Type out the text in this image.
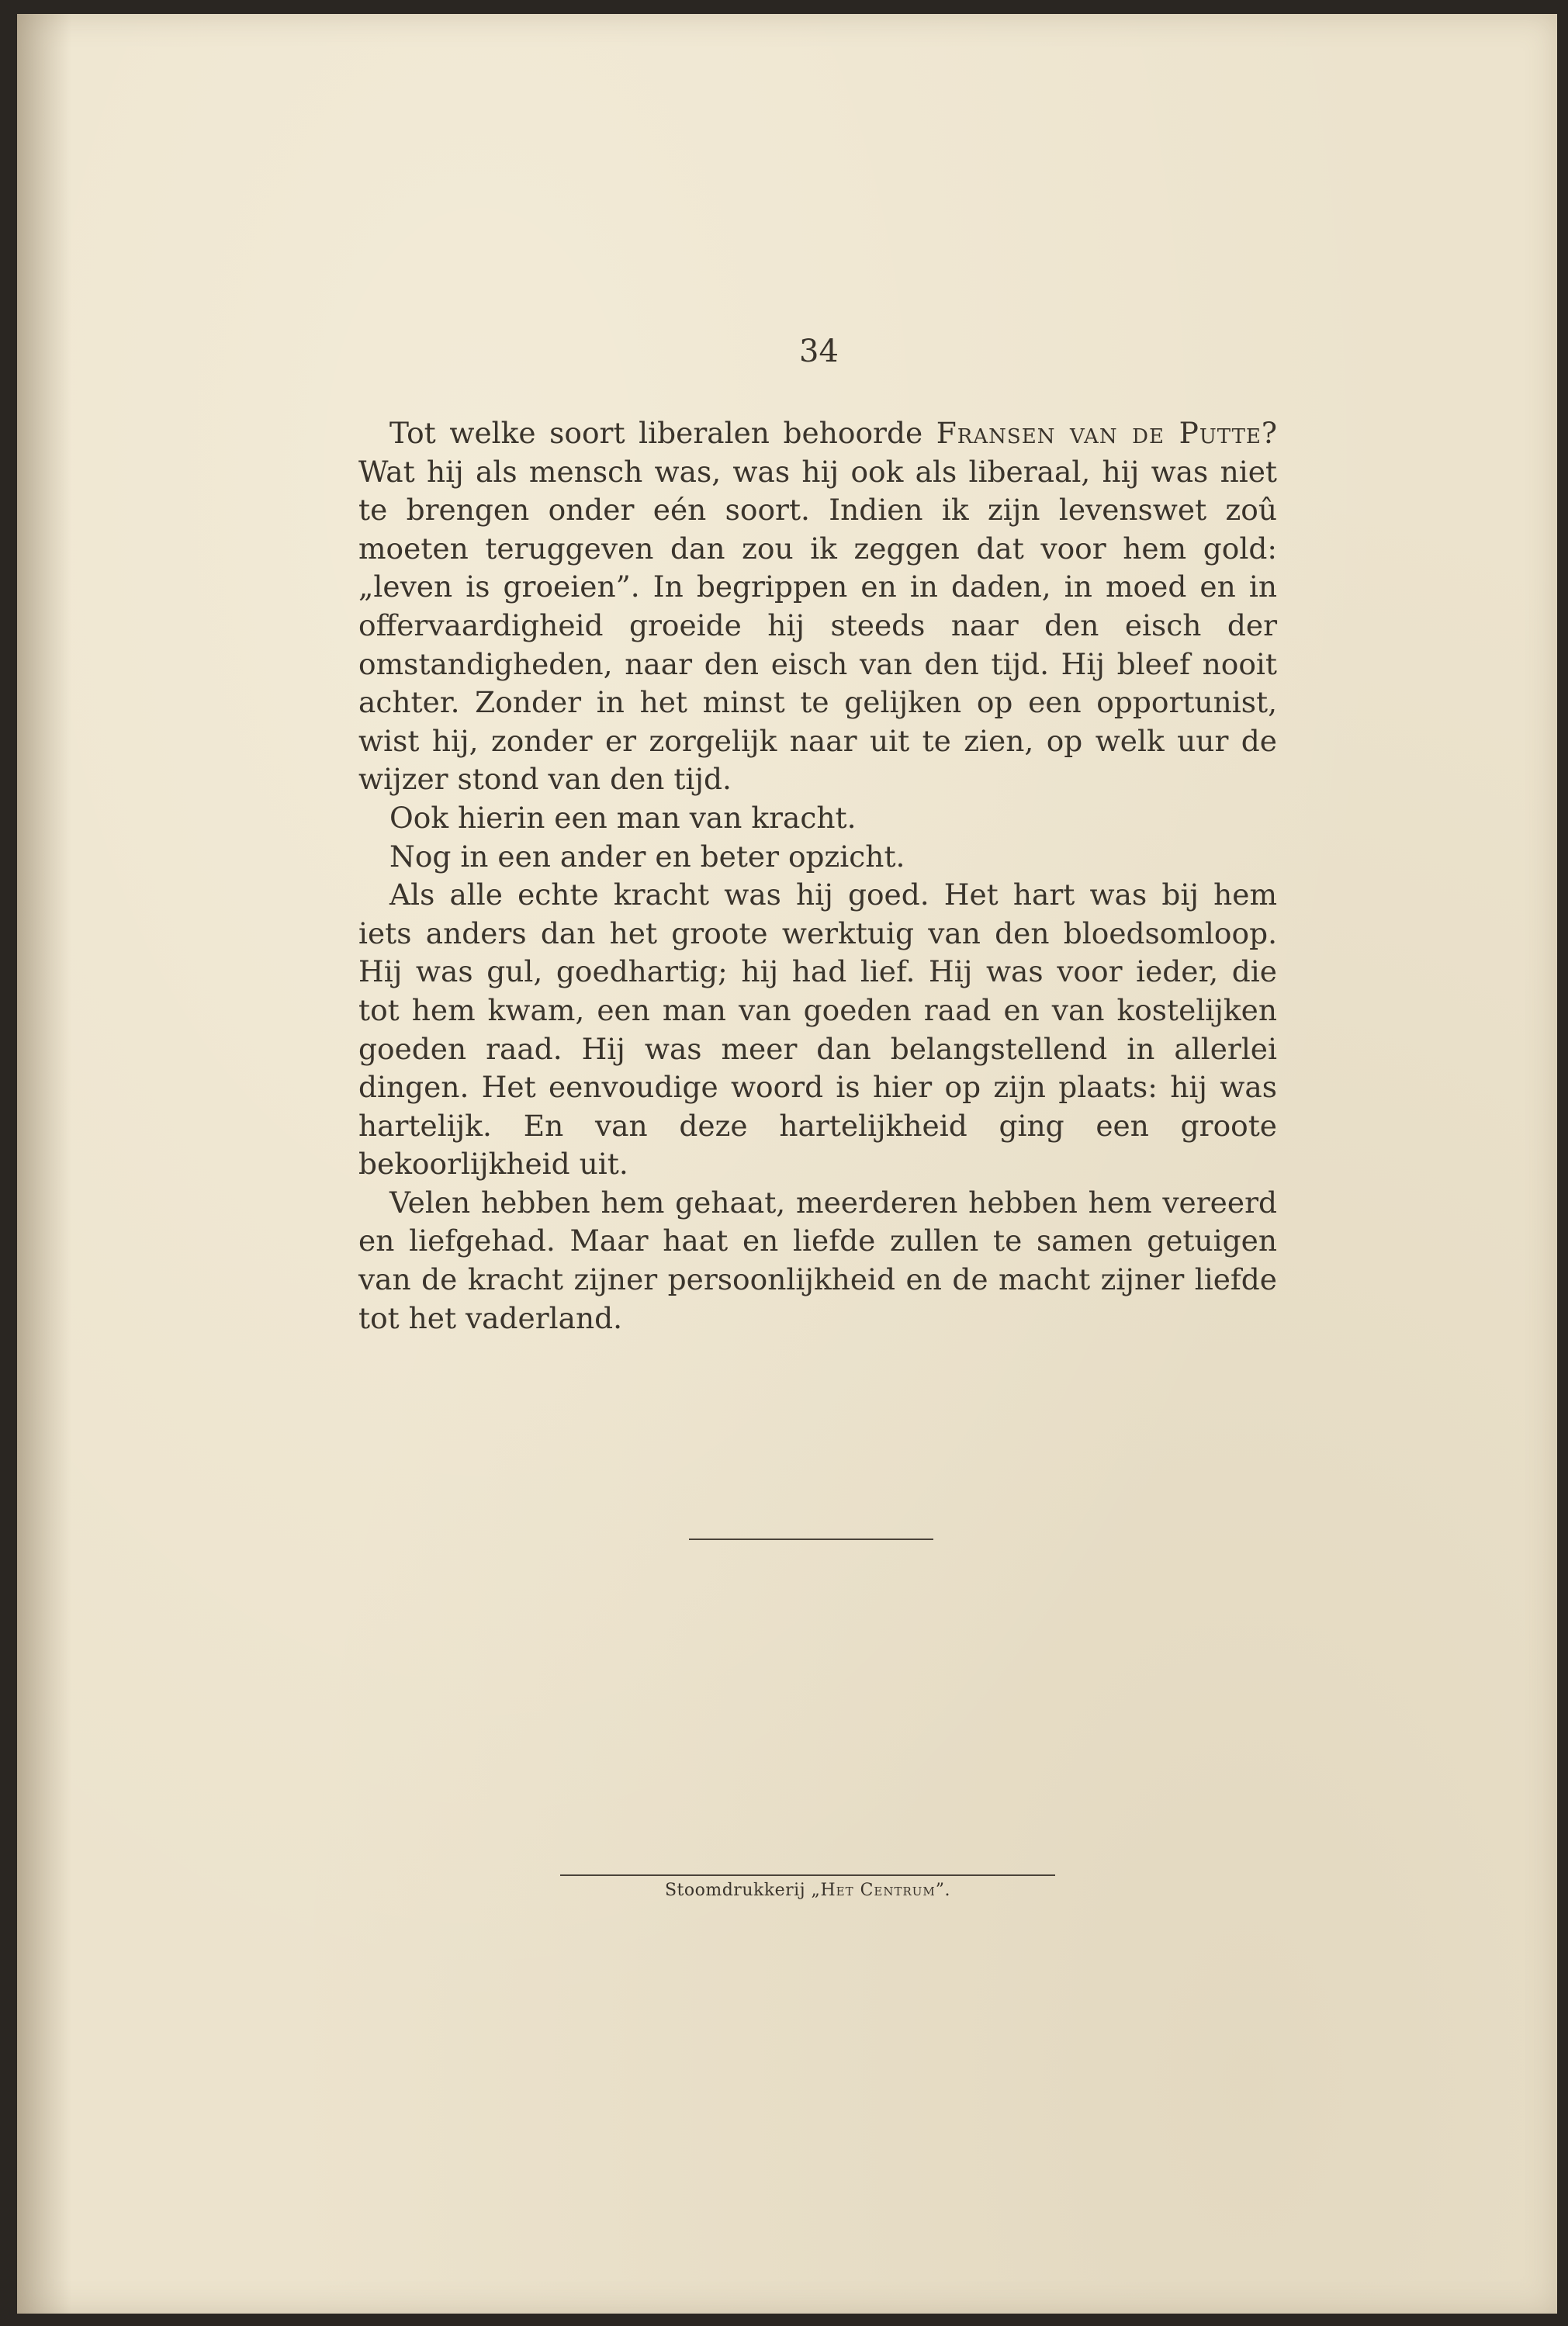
34

Tot welke soort liberalen behoorde Fransen van de Putte? Wat hij als mensch was, was hij ook als liberaal, hij was niet te brengen onder eén soort. Indien ik zijn levenswet zoû moeten teruggeven dan zou ik zeggen dat voor hem gold: „leven is groeien”. In begrippen en in daden, in moed en in offervaardigheid groeide hij steeds naar den eisch der omstandigheden, naar den eisch van den tijd. Hij bleef nooit achter. Zonder in het minst te gelijken op een opportunist, wist hij, zonder er zorgelijk naar uit te zien, op welk uur de wijzer stond van den tijd.

Ook hierin een man van kracht.

Nog in een ander en beter opzicht.

Als alle echte kracht was hij goed. Het hart was bij hem iets anders dan het groote werktuig van den bloedsomloop. Hij was gul, goedhartig; hij had lief. Hij was voor ieder, die tot hem kwam, een man van goeden raad en van kostelijken goeden raad. Hij was meer dan belangstellend in allerlei dingen. Het eenvoudige woord is hier op zijn plaats: hij was hartelijk. En van deze hartelijkheid ging een groote bekoorlijkheid uit.

Velen hebben hem gehaat, meerderen hebben hem vereerd en liefgehad. Maar haat en liefde zullen te samen getuigen van de kracht zijner persoonlijkheid en de macht zijner liefde tot het vaderland.

Stoomdrukkerij „Het Centrum”.
